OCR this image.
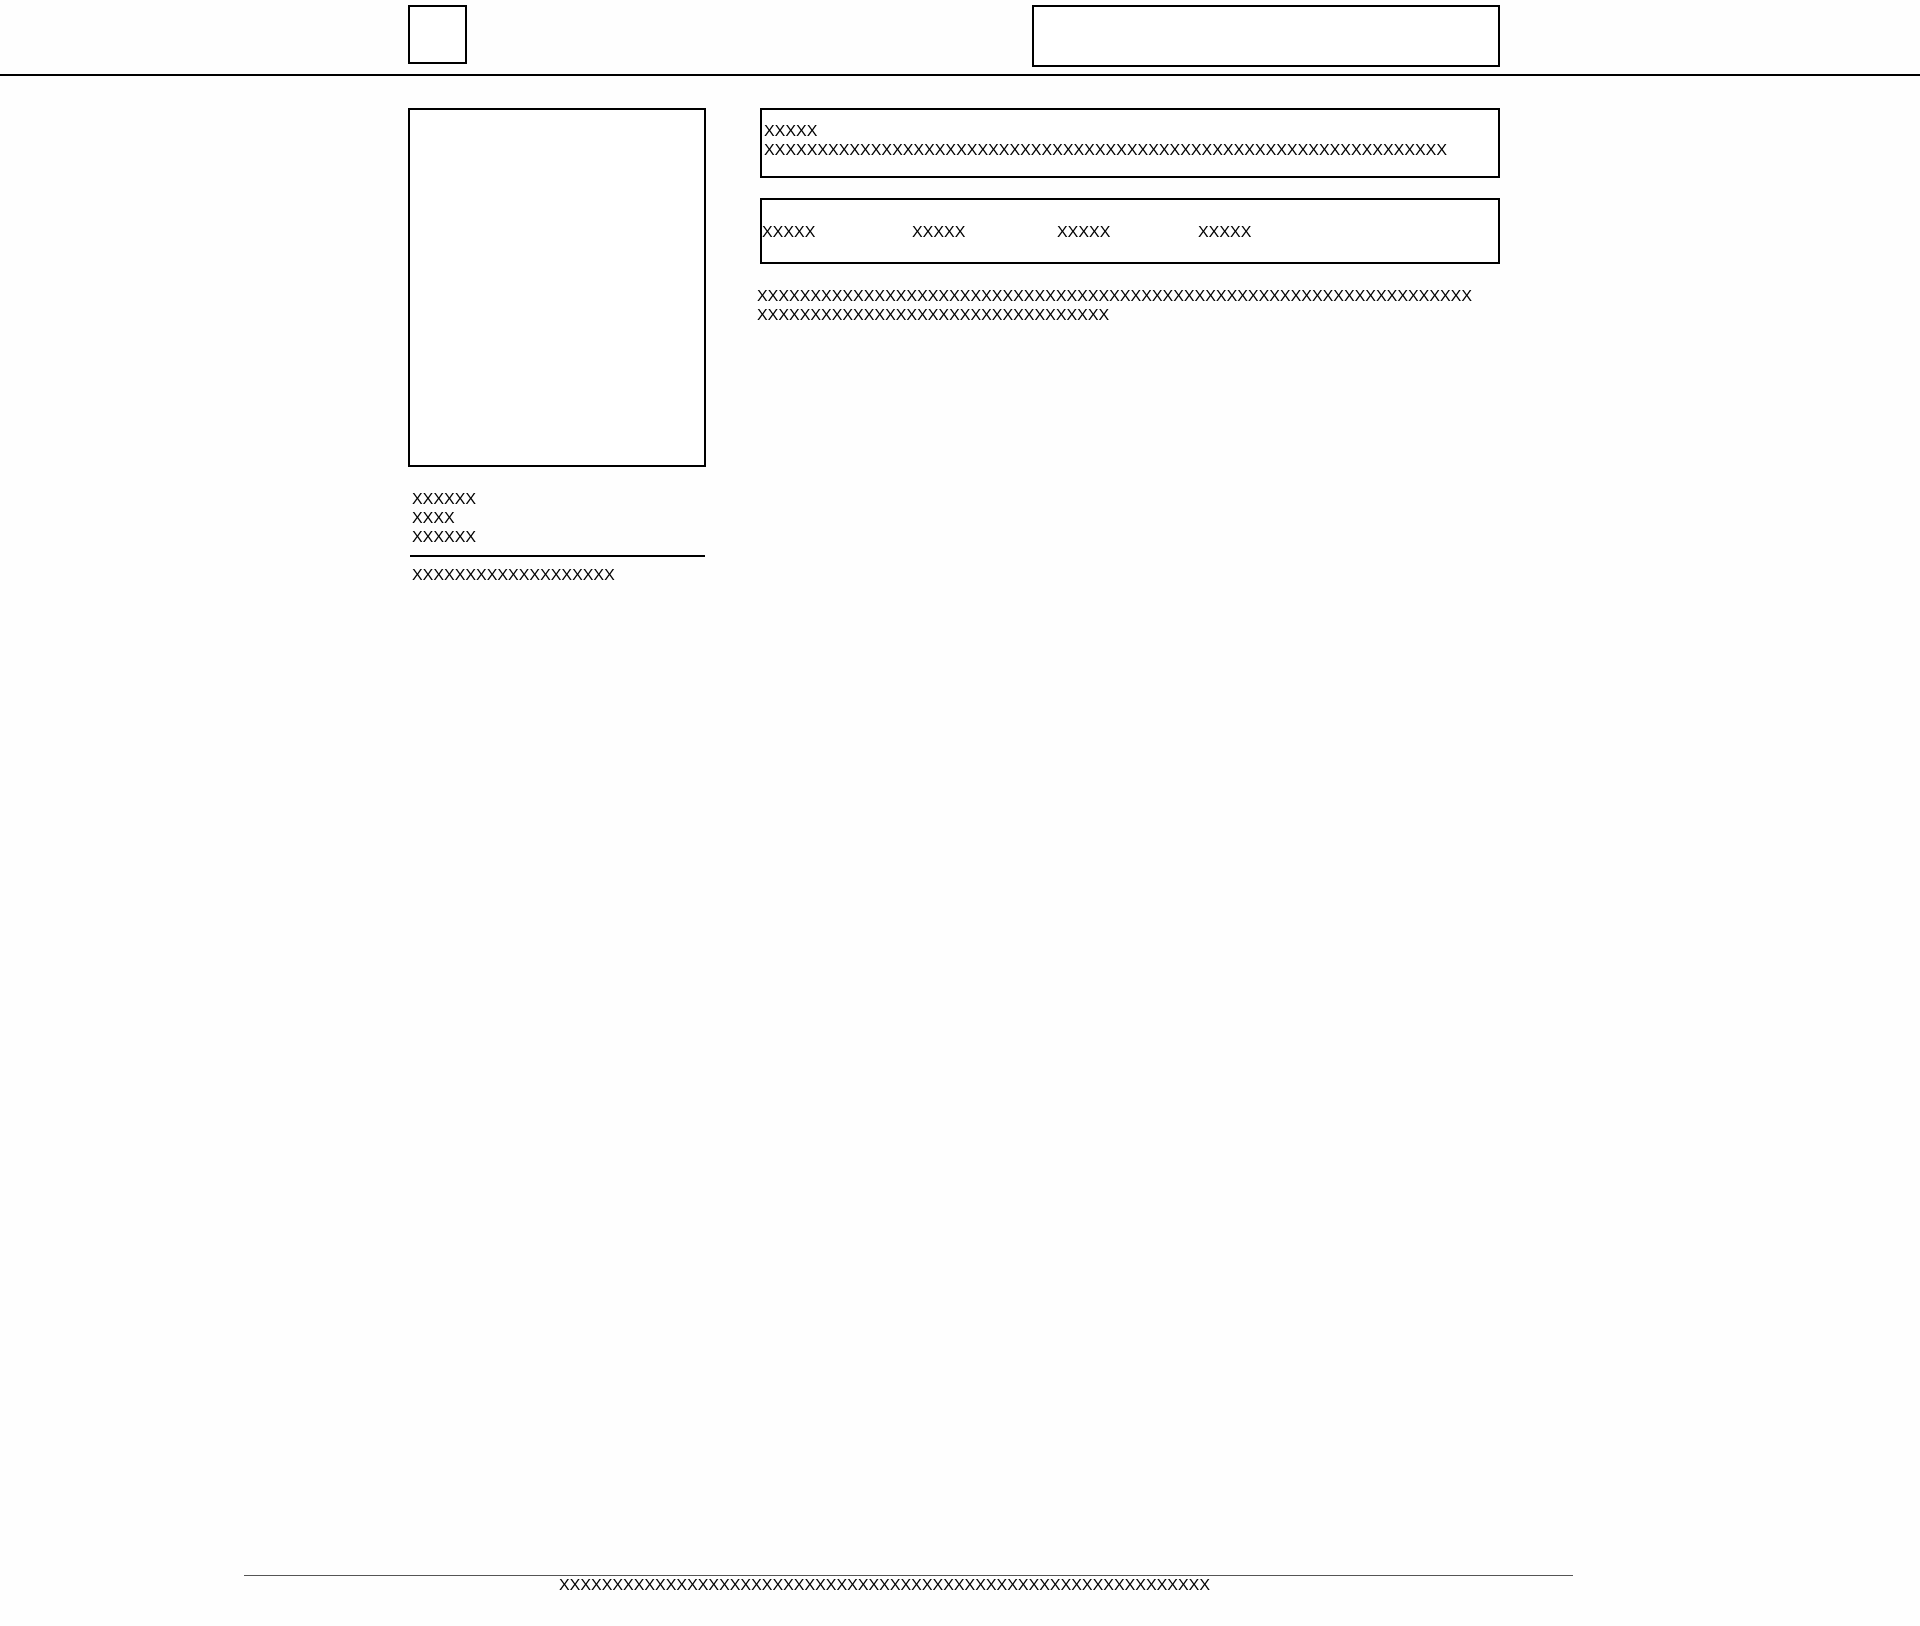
XXXXXX
XXXX
XXXXXX
XXXXXXXXXXXXXXXXXXX
XXXXX
XXXXXXXXXXXXXXXXXXXXXXXXXXXXXXXXXXXXXXXXXXXXXXXXXXXXXXXXXXXXXXXX
XXXXX	XXXXX	XXXXX	XXXXX
XXXXXXXXXXXXXXXXXXXXXXXXXXXXXXXXXXXXXXXXXXXXXXXXXXXXXXXXXXXXXXXXXXX
XXXXXXXXXXXXXXXXXXXXXXXXXXXXXXXXX
XXXXXXXXXXXXXXXXXXXXXXXXXXXXXXXXXXXXXXXXXXXXXXXXXXXXXXXXXXXXX
